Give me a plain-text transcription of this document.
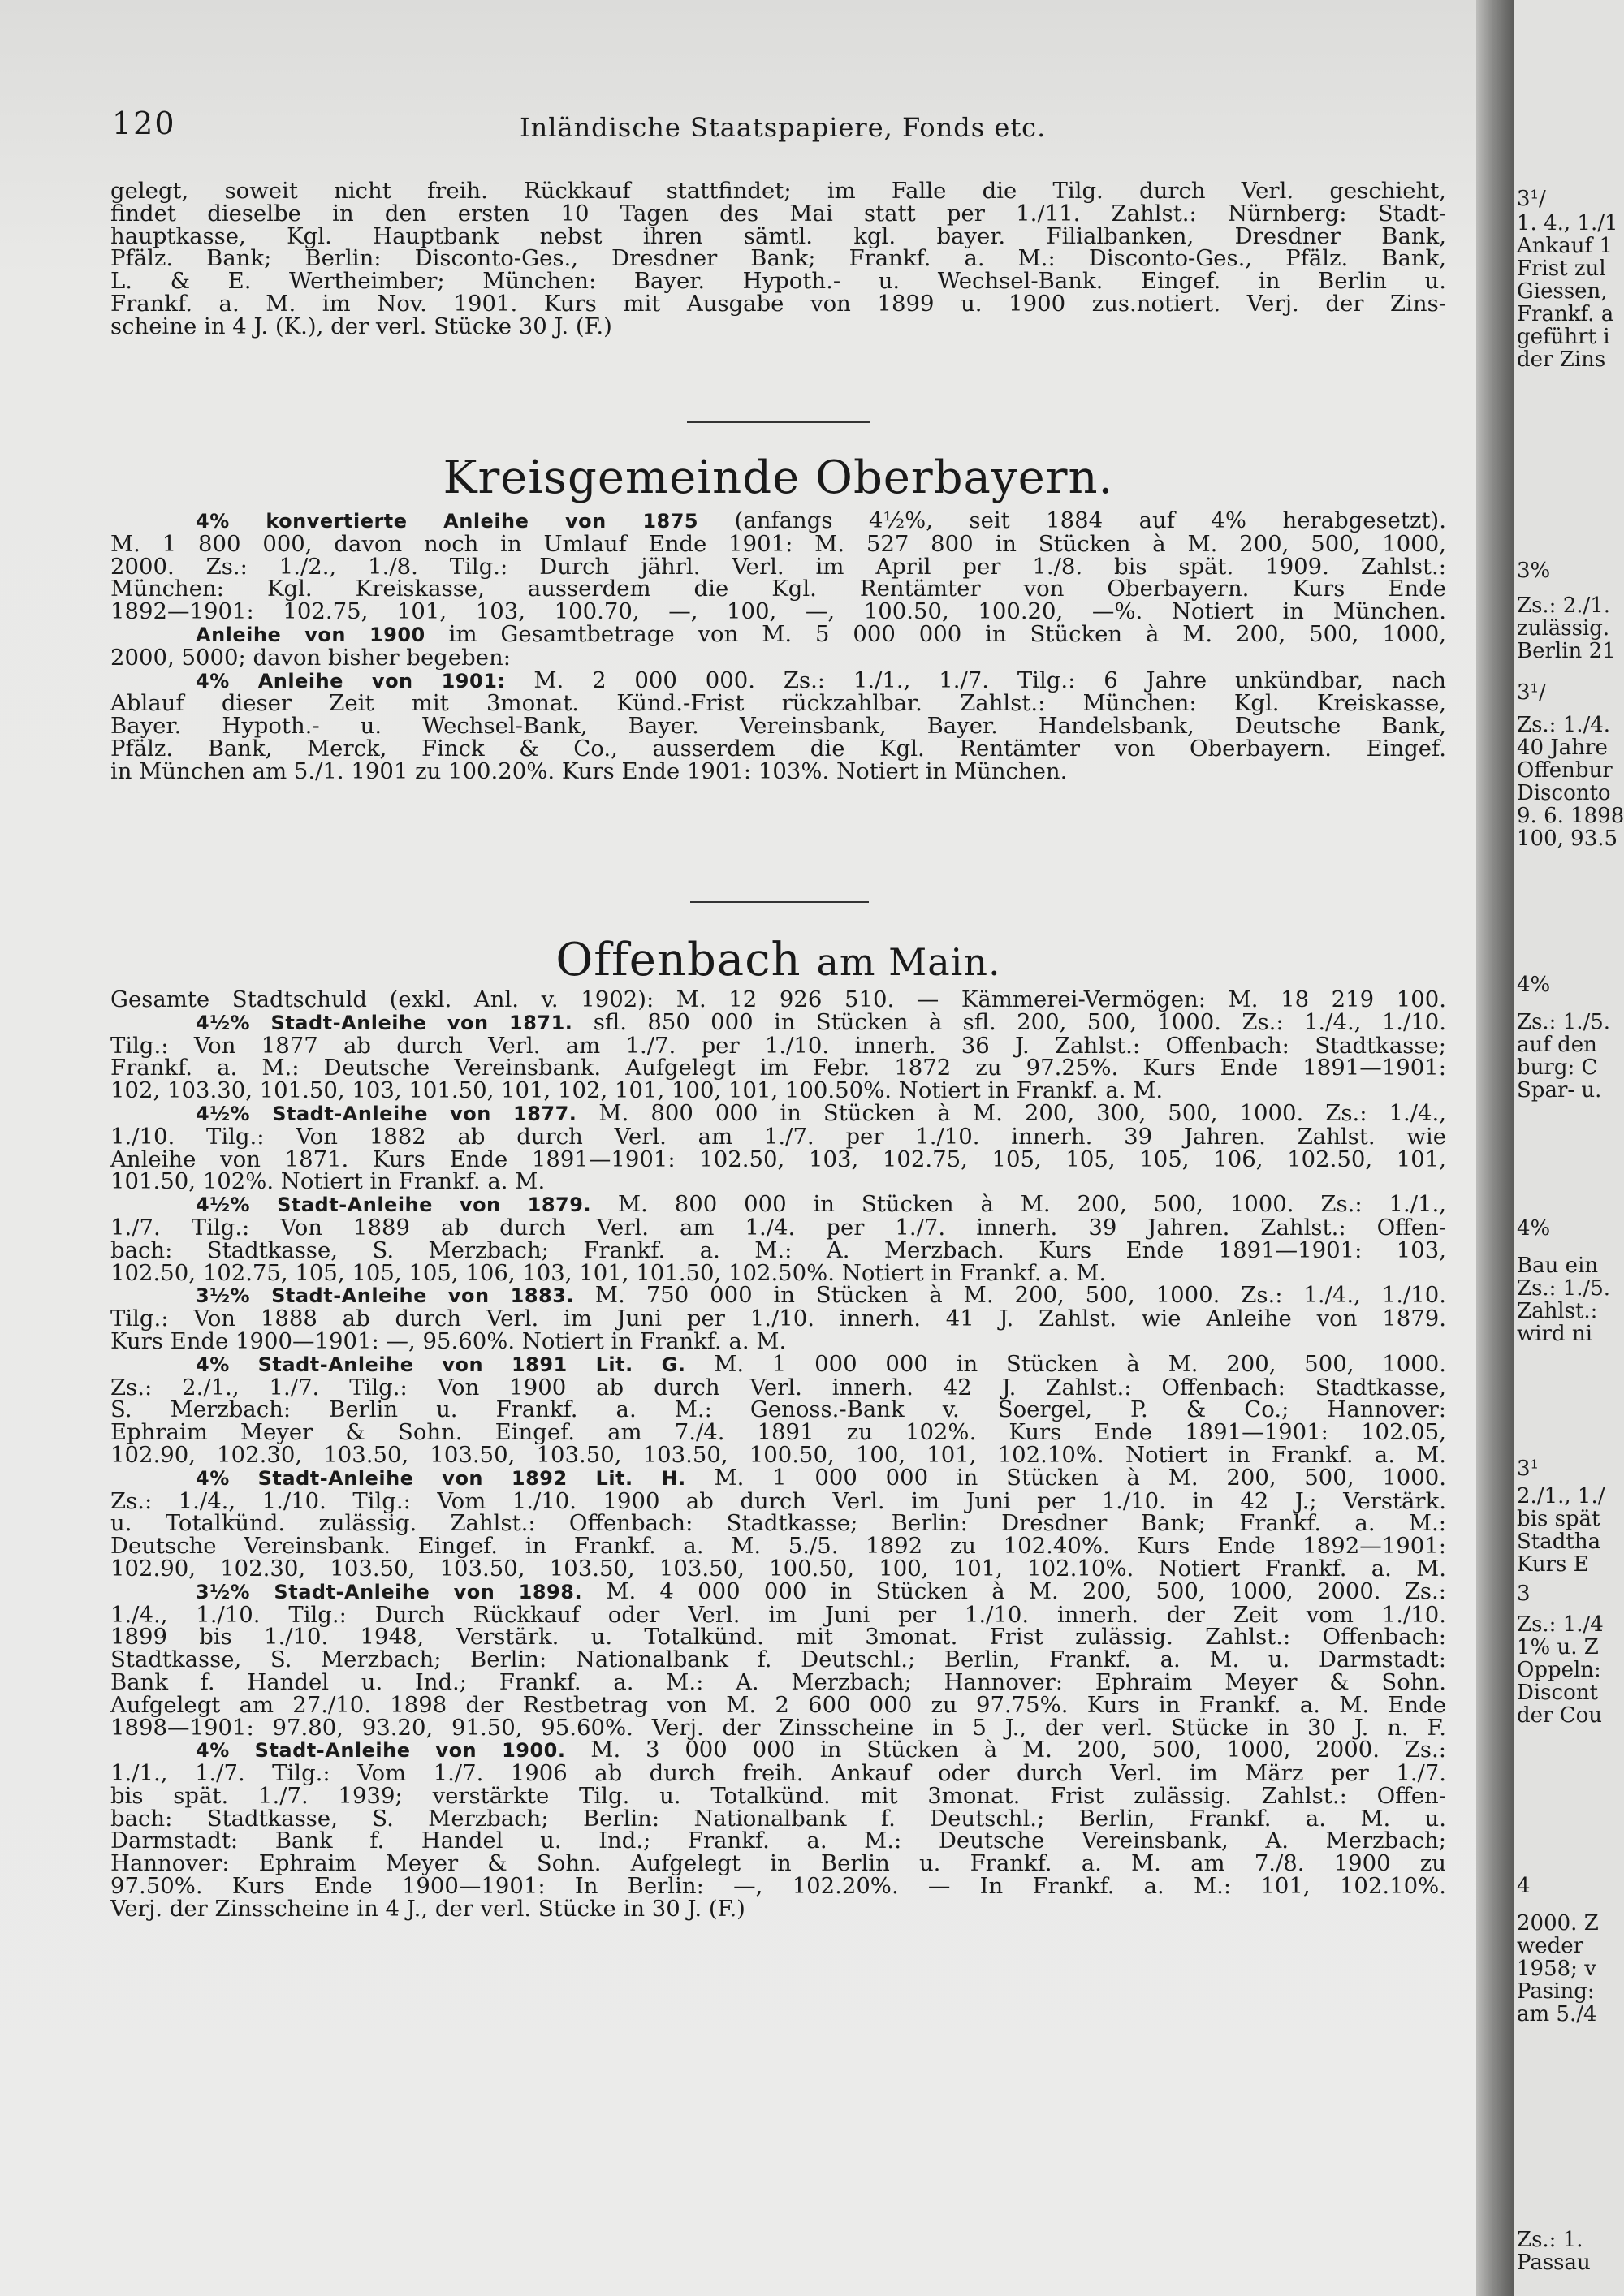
120	Inländische Staatspapiere, Fonds etc.
gelegt, soweit nicht freih. Rückkauf stattfindet; im Falle die Tilg. durch Verl. geschieht,
findet dieselbe in den ersten 10 Tagen des Mai statt per 1./11. Zahlst.: Nürnberg: Stadt-
hauptkasse, Kgl. Hauptbank nebst ihren sämtl. kgl. bayer. Filialbanken, Dresdner Bank,
Pfälz. Bank; Berlin: Disconto-Ges., Dresdner Bank; Frankf. a. M.: Disconto-Ges., Pfälz. Bank,
L. & E. Wertheimber; München: Bayer. Hypoth.- u. Wechsel-Bank. Eingef. in Berlin u.
Frankf. a. M. im Nov. 1901. Kurs mit Ausgabe von 1899 u. 1900 zus.notiert. Verj. der Zins-
scheine in 4 J. (K.), der verl. Stücke 30 J. (F.)
Kreisgemeinde Oberbayern.
4% konvertierte Anleihe von 1875 (anfangs 4½%, seit 1884 auf 4% herabgesetzt).
M. 1 800 000, davon noch in Umlauf Ende 1901: M. 527 800 in Stücken à M. 200, 500, 1000,
2000. Zs.: 1./2., 1./8. Tilg.: Durch jährl. Verl. im April per 1./8. bis spät. 1909. Zahlst.:
München: Kgl. Kreiskasse, ausserdem die Kgl. Rentämter von Oberbayern. Kurs Ende
1892—1901: 102.75, 101, 103, 100.70, —, 100, —, 100.50, 100.20, —%. Notiert in München.
Anleihe von 1900 im Gesamtbetrage von M. 5 000 000 in Stücken à M. 200, 500, 1000,
2000, 5000; davon bisher begeben:
4% Anleihe von 1901: M. 2 000 000. Zs.: 1./1., 1./7. Tilg.: 6 Jahre unkündbar, nach
Ablauf dieser Zeit mit 3monat. Künd.-Frist rückzahlbar. Zahlst.: München: Kgl. Kreiskasse,
Bayer. Hypoth.- u. Wechsel-Bank, Bayer. Vereinsbank, Bayer. Handelsbank, Deutsche Bank,
Pfälz. Bank, Merck, Finck & Co., ausserdem die Kgl. Rentämter von Oberbayern. Eingef.
in München am 5./1. 1901 zu 100.20%. Kurs Ende 1901: 103%. Notiert in München.
Offenbach am Main.
Gesamte Stadtschuld (exkl. Anl. v. 1902): M. 12 926 510. — Kämmerei-Vermögen: M. 18 219 100.
4½% Stadt-Anleihe von 1871. sfl. 850 000 in Stücken à sfl. 200, 500, 1000. Zs.: 1./4., 1./10.
Tilg.: Von 1877 ab durch Verl. am 1./7. per 1./10. innerh. 36 J. Zahlst.: Offenbach: Stadtkasse;
Frankf. a. M.: Deutsche Vereinsbank. Aufgelegt im Febr. 1872 zu 97.25%. Kurs Ende 1891—1901:
102, 103.30, 101.50, 103, 101.50, 101, 102, 101, 100, 101, 100.50%. Notiert in Frankf. a. M.
4½% Stadt-Anleihe von 1877. M. 800 000 in Stücken à M. 200, 300, 500, 1000. Zs.: 1./4.,
1./10. Tilg.: Von 1882 ab durch Verl. am 1./7. per 1./10. innerh. 39 Jahren. Zahlst. wie
Anleihe von 1871. Kurs Ende 1891—1901: 102.50, 103, 102.75, 105, 105, 105, 106, 102.50, 101,
101.50, 102%. Notiert in Frankf. a. M.
4½% Stadt-Anleihe von 1879. M. 800 000 in Stücken à M. 200, 500, 1000. Zs.: 1./1.,
1./7. Tilg.: Von 1889 ab durch Verl. am 1./4. per 1./7. innerh. 39 Jahren. Zahlst.: Offen-
bach: Stadtkasse, S. Merzbach; Frankf. a. M.: A. Merzbach. Kurs Ende 1891—1901: 103,
102.50, 102.75, 105, 105, 105, 106, 103, 101, 101.50, 102.50%. Notiert in Frankf. a. M.
3½% Stadt-Anleihe von 1883. M. 750 000 in Stücken à M. 200, 500, 1000. Zs.: 1./4., 1./10.
Tilg.: Von 1888 ab durch Verl. im Juni per 1./10. innerh. 41 J. Zahlst. wie Anleihe von 1879.
Kurs Ende 1900—1901: —, 95.60%. Notiert in Frankf. a. M.
4% Stadt-Anleihe von 1891 Lit. G. M. 1 000 000 in Stücken à M. 200, 500, 1000.
Zs.: 2./1., 1./7. Tilg.: Von 1900 ab durch Verl. innerh. 42 J. Zahlst.: Offenbach: Stadtkasse,
S. Merzbach: Berlin u. Frankf. a. M.: Genoss.-Bank v. Soergel, P. & Co.; Hannover:
Ephraim Meyer & Sohn. Eingef. am 7./4. 1891 zu 102%. Kurs Ende 1891—1901: 102.05,
102.90, 102.30, 103.50, 103.50, 103.50, 103.50, 100.50, 100, 101, 102.10%. Notiert in Frankf. a. M.
4% Stadt-Anleihe von 1892 Lit. H. M. 1 000 000 in Stücken à M. 200, 500, 1000.
Zs.: 1./4., 1./10. Tilg.: Vom 1./10. 1900 ab durch Verl. im Juni per 1./10. in 42 J.; Verstärk.
u. Totalkünd. zulässig. Zahlst.: Offenbach: Stadtkasse; Berlin: Dresdner Bank; Frankf. a. M.:
Deutsche Vereinsbank. Eingef. in Frankf. a. M. 5./5. 1892 zu 102.40%. Kurs Ende 1892—1901:
102.90, 102.30, 103.50, 103.50, 103.50, 103.50, 100.50, 100, 101, 102.10%. Notiert Frankf. a. M.
3½% Stadt-Anleihe von 1898. M. 4 000 000 in Stücken à M. 200, 500, 1000, 2000. Zs.:
1./4., 1./10. Tilg.: Durch Rückkauf oder Verl. im Juni per 1./10. innerh. der Zeit vom 1./10.
1899 bis 1./10. 1948, Verstärk. u. Totalkünd. mit 3monat. Frist zulässig. Zahlst.: Offenbach:
Stadtkasse, S. Merzbach; Berlin: Nationalbank f. Deutschl.; Berlin, Frankf. a. M. u. Darmstadt:
Bank f. Handel u. Ind.; Frankf. a. M.: A. Merzbach; Hannover: Ephraim Meyer & Sohn.
Aufgelegt am 27./10. 1898 der Restbetrag von M. 2 600 000 zu 97.75%. Kurs in Frankf. a. M. Ende
1898—1901: 97.80, 93.20, 91.50, 95.60%. Verj. der Zinsscheine in 5 J., der verl. Stücke in 30 J. n. F.
4% Stadt-Anleihe von 1900. M. 3 000 000 in Stücken à M. 200, 500, 1000, 2000. Zs.:
1./1., 1./7. Tilg.: Vom 1./7. 1906 ab durch freih. Ankauf oder durch Verl. im März per 1./7.
bis spät. 1./7. 1939; verstärkte Tilg. u. Totalkünd. mit 3monat. Frist zulässig. Zahlst.: Offen-
bach: Stadtkasse, S. Merzbach; Berlin: Nationalbank f. Deutschl.; Berlin, Frankf. a. M. u.
Darmstadt: Bank f. Handel u. Ind.; Frankf. a. M.: Deutsche Vereinsbank, A. Merzbach;
Hannover: Ephraim Meyer & Sohn. Aufgelegt in Berlin u. Frankf. a. M. am 7./8. 1900 zu
97.50%. Kurs Ende 1900—1901: In Berlin: —, 102.20%. — In Frankf. a. M.: 101, 102.10%.
Verj. der Zinsscheine in 4 J., der verl. Stücke in 30 J. (F.)
3¹/
1. 4., 1./1
Ankauf 1
Frist zul
Giessen,
Frankf. a
geführt i
der Zins
3%
Zs.: 2./1.
zulässig.
Berlin 21
3¹/
Zs.: 1./4.
40 Jahre
Offenbur
Disconto
9. 6. 1898
100, 93.5
4%
Zs.: 1./5.
auf den
burg: C
Spar- u.
4%
Bau ein
Zs.: 1./5.
Zahlst.:
wird ni
3¹
2./1., 1./
bis spät
Stadtha
Kurs E
3
Zs.: 1./4
1% u. Z
Oppeln:
Discont
der Cou
4
2000. Z
weder
1958; v
Pasing:
am 5./4
Zs.: 1.
Passau
